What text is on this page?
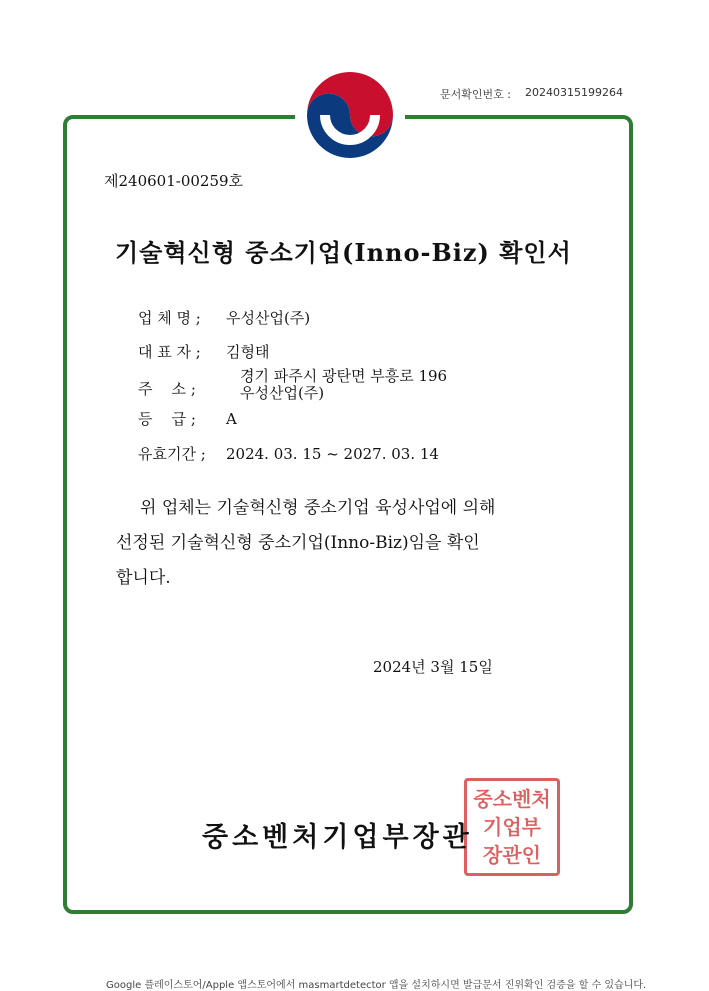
문서확인번호 : 20240315199264
제240601-00259호
기술혁신형 중소기업(Inno-Biz) 확인서
업 체 명 ; 우성산업(주)
대 표 자 ; 김형태
주    소 ;
경기 파주시 광탄면 부흥로 196
우성산업(주)
등    급 ; A
유효기간 ; 2024. 03. 15 ~ 2027. 03. 14
위 업체는 기술혁신형 중소기업 육성사업에 의해
선정된 기술혁신형 중소기업(Inno-Biz)임을 확인
합니다.
2024년 3월 15일
중소벤처
기업부
장관인
중소벤처기업부장관
Google 플레이스토어/Apple 앱스토어에서 masmartdetector 앱을 설치하시면 발급문서 진위확인 검증을 할 수 있습니다.
